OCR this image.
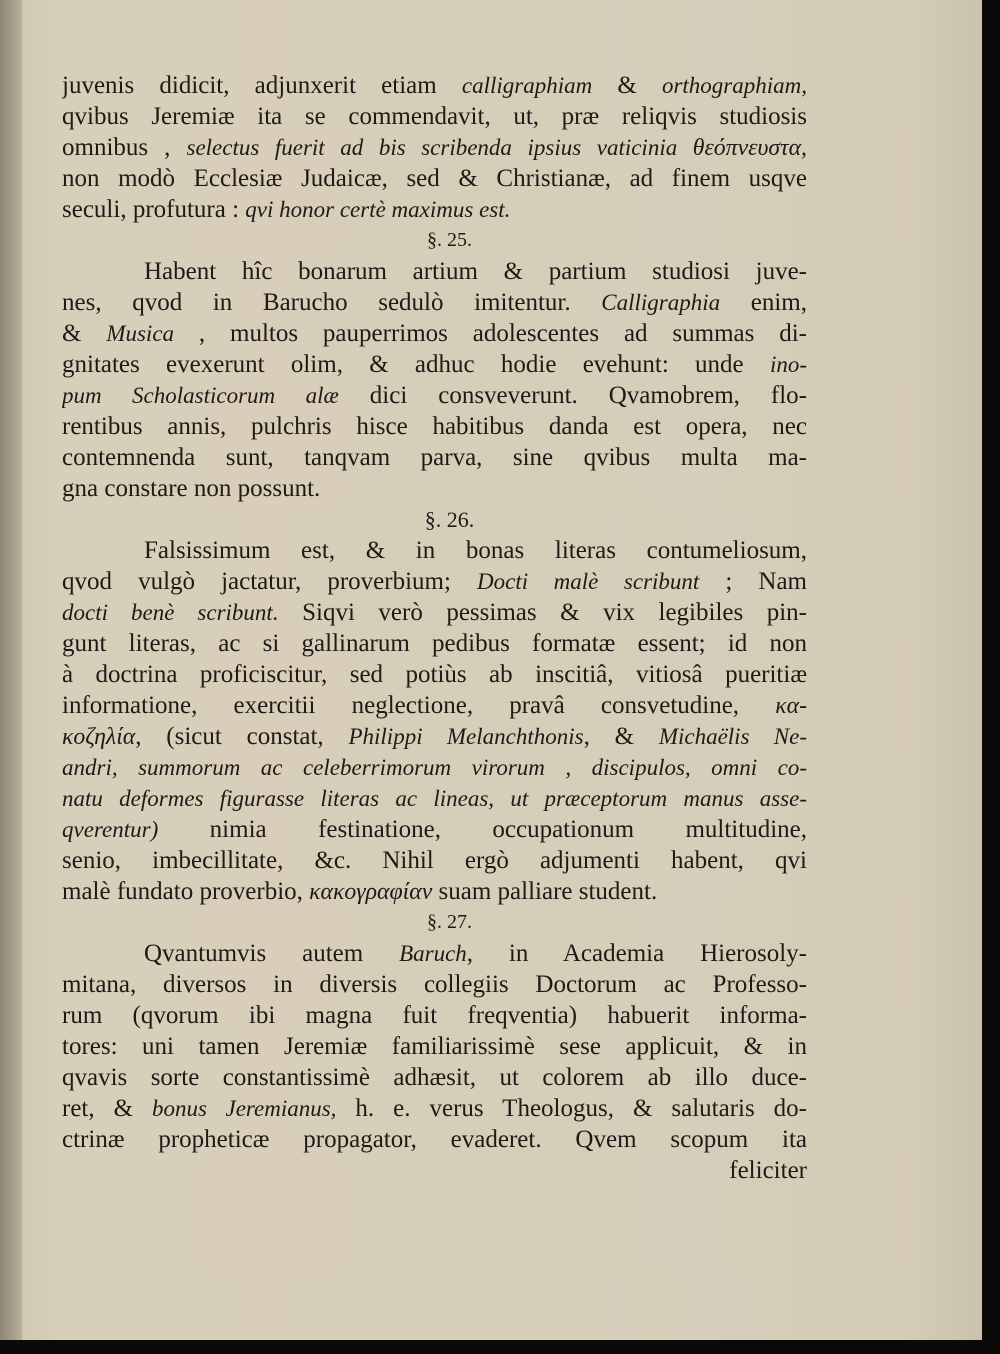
juvenis didicit, adjunxerit etiam calligraphiam & orthographiam,
qvibus Jeremiæ ita se commendavit, ut, præ reliqvis studiosis
omnibus , selectus fuerit ad bis scribenda ipsius vaticinia θεόπνευστα,
non modò Ecclesiæ Judaicæ, sed & Christianæ, ad finem usqve
seculi, profutura : qvi honor certè maximus est.
§. 25.
Habent hîc bonarum artium & partium studiosi juve-
nes, qvod in Barucho sedulò imitentur. Calligraphia enim,
& Musica , multos pauperrimos adolescentes ad summas di-
gnitates evexerunt olim, & adhuc hodie evehunt: unde ino-
pum Scholasticorum alæ dici consveverunt. Qvamobrem, flo-
rentibus annis, pulchris hisce habitibus danda est opera, nec
contemnenda sunt, tanqvam parva, sine qvibus multa ma-
gna constare non possunt.
§. 26.
Falsissimum est, & in bonas literas contumeliosum,
qvod vulgò jactatur, proverbium; Docti malè scribunt ; Nam
docti benè scribunt. Siqvi verò pessimas & vix legibiles pin-
gunt literas, ac si gallinarum pedibus formatæ essent; id non
à doctrina proficiscitur, sed potiùs ab inscitiâ, vitiosâ pueritiæ
informatione, exercitii neglectione, pravâ consvetudine, κα-
κοζηλία, (sicut constat, Philippi Melanchthonis, & Michaëlis Ne-
andri, summorum ac celeberrimorum virorum , discipulos, omni co-
natu deformes figurasse literas ac lineas, ut præceptorum manus asse-
qverentur) nimia festinatione, occupationum multitudine,
senio, imbecillitate, &c. Nihil ergò adjumenti habent, qvi
malè fundato proverbio, κακογραφίαν suam palliare student.
§. 27.
Qvantumvis autem Baruch, in Academia Hierosoly-
mitana, diversos in diversis collegiis Doctorum ac Professo-
rum (qvorum ibi magna fuit freqventia) habuerit informa-
tores: uni tamen Jeremiæ familiarissimè sese applicuit, & in
qvavis sorte constantissimè adhæsit, ut colorem ab illo duce-
ret, & bonus Jeremianus, h. e. verus Theologus, & salutaris do-
ctrinæ propheticæ propagator, evaderet. Qvem scopum ita
feliciter
